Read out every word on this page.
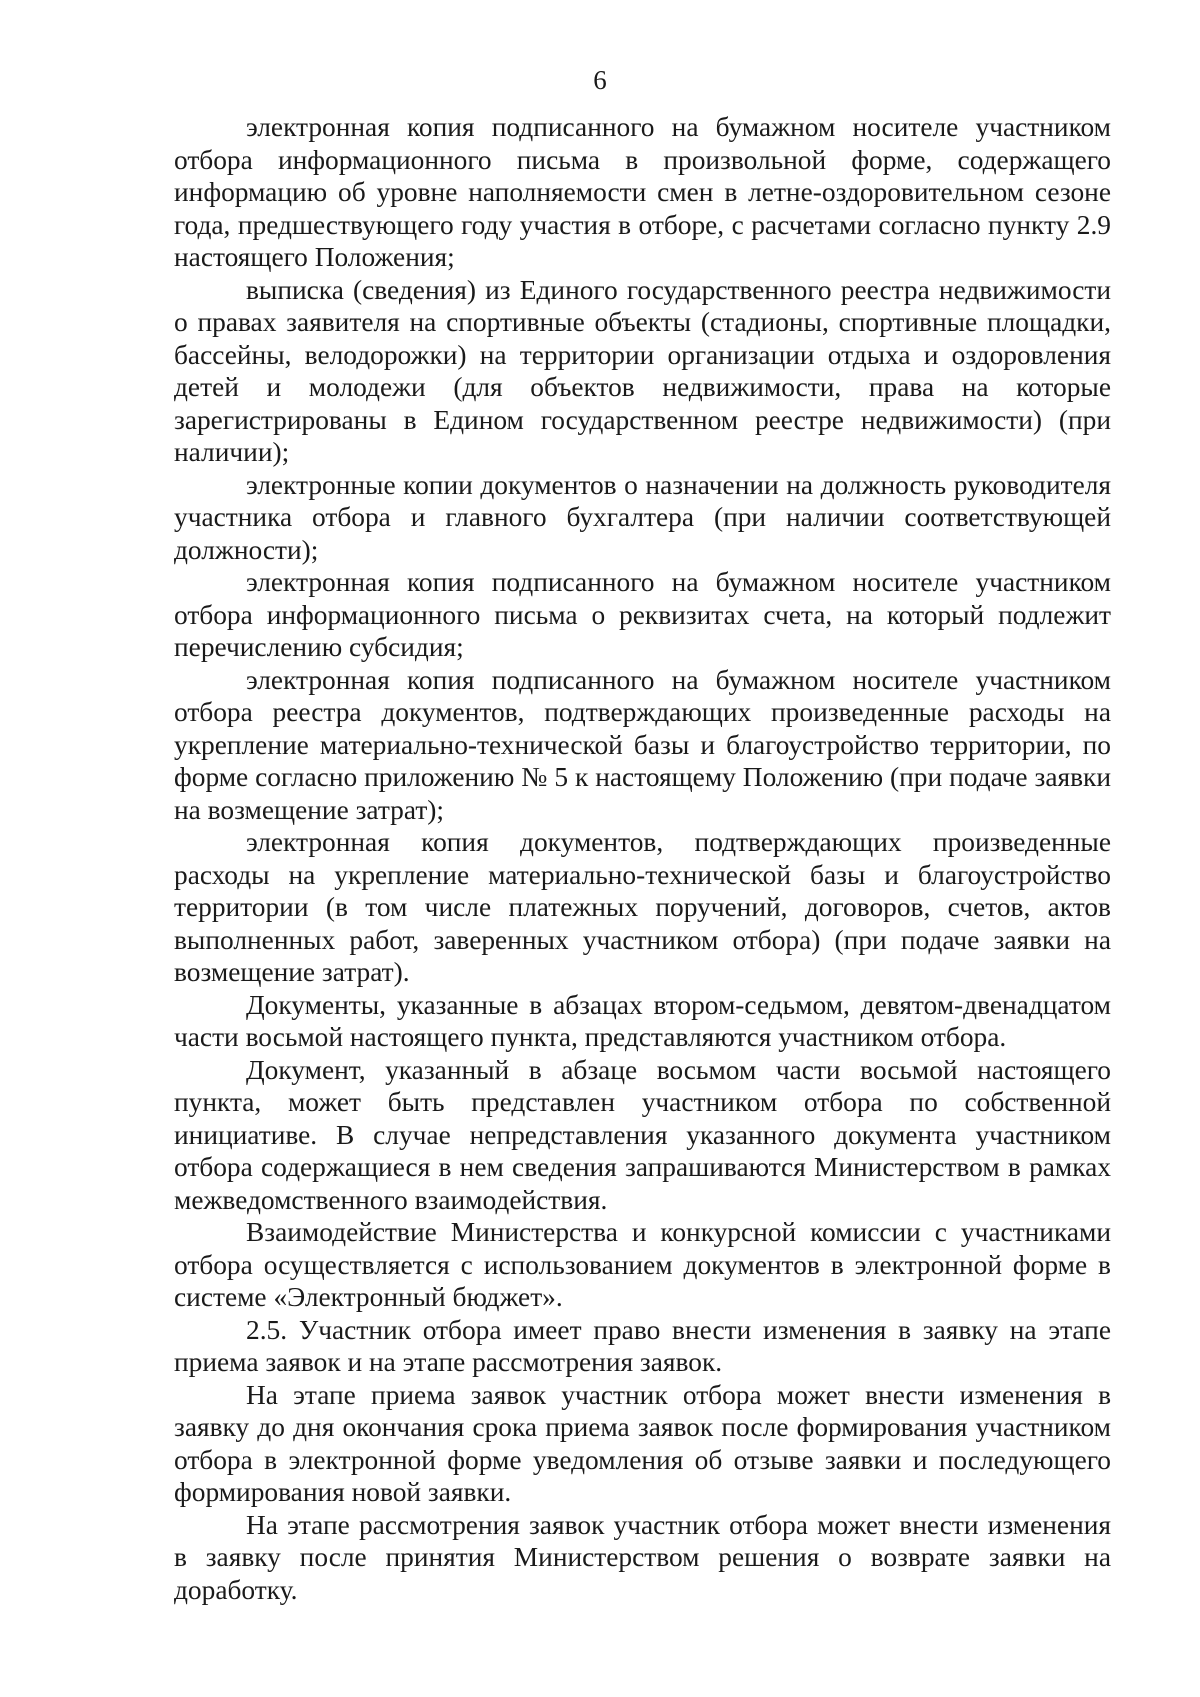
6

электронная копия подписанного на бумажном носителе участником отбора информационного письма в произвольной форме, содержащего информацию об уровне наполняемости смен в летне-оздоровительном сезоне года, предшествующего году участия в отборе, с расчетами согласно пункту 2.9 настоящего Положения;

выписка (сведения) из Единого государственного реестра недвижимости о правах заявителя на спортивные объекты (стадионы, спортивные площадки, бассейны, велодорожки) на территории организации отдыха и оздоровления детей и молодежи (для объектов недвижимости, права на которые зарегистрированы в Едином государственном реестре недвижимости) (при наличии);

электронные копии документов о назначении на должность руководителя участника отбора и главного бухгалтера (при наличии соответствующей должности);

электронная копия подписанного на бумажном носителе участником отбора информационного письма о реквизитах счета, на который подлежит перечислению субсидия;

электронная копия подписанного на бумажном носителе участником отбора реестра документов, подтверждающих произведенные расходы на укрепление материально-технической базы и благоустройство территории, по форме согласно приложению № 5 к настоящему Положению (при подаче заявки на возмещение затрат);

электронная копия документов, подтверждающих произведенные расходы на укрепление материально-технической базы и благоустройство территории (в том числе платежных поручений, договоров, счетов, актов выполненных работ, заверенных участником отбора) (при подаче заявки на возмещение затрат).

Документы, указанные в абзацах втором-седьмом, девятом-двенадцатом части восьмой настоящего пункта, представляются участником отбора.

Документ, указанный в абзаце восьмом части восьмой настоящего пункта, может быть представлен участником отбора по собственной инициативе. В случае непредставления указанного документа участником отбора содержащиеся в нем сведения запрашиваются Министерством в рамках межведомственного взаимодействия.

Взаимодействие Министерства и конкурсной комиссии с участниками отбора осуществляется с использованием документов в электронной форме в системе «Электронный бюджет».

2.5. Участник отбора имеет право внести изменения в заявку на этапе приема заявок и на этапе рассмотрения заявок.

На этапе приема заявок участник отбора может внести изменения в заявку до дня окончания срока приема заявок после формирования участником отбора в электронной форме уведомления об отзыве заявки и последующего формирования новой заявки.

На этапе рассмотрения заявок участник отбора может внести изменения в заявку после принятия Министерством решения о возврате заявки на доработку.
